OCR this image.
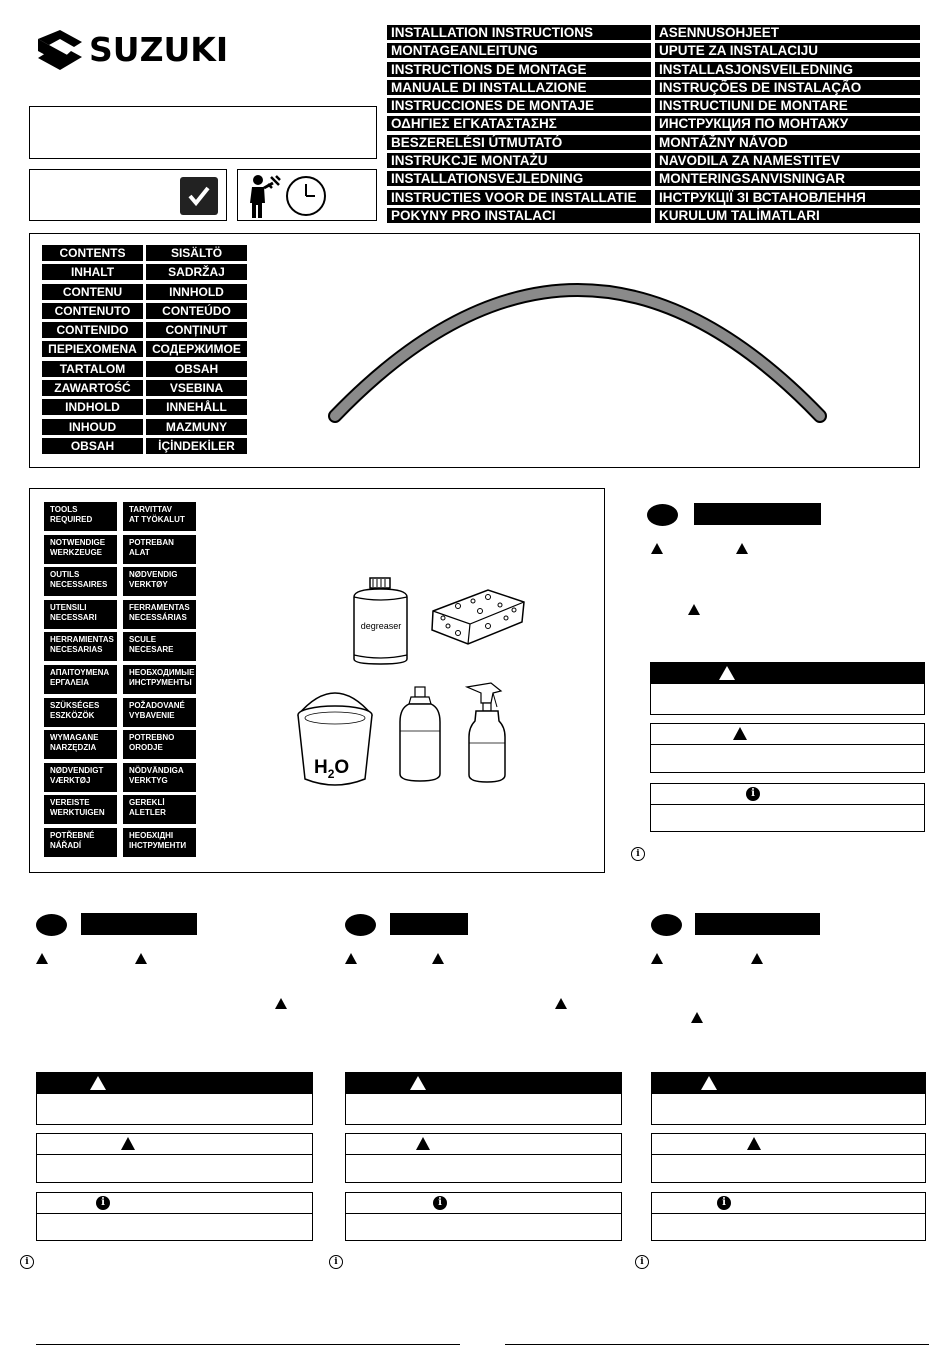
SUZUKI	INSTALLATION INSTRUCTIONS
MONTAGEANLEITUNG
INSTRUCTIONS DE MONTAGE
MANUALE DI INSTALLAZIONE
INSTRUCCIONES DE MONTAJE
ΟΔΗΓΙΕΣ ΕΓΚΑΤΑΣΤΑΣΗΣ
BESZERELÉSI ÚTMUTATÓ
INSTRUKCJE MONTAŻU
INSTALLATIONSVEJLEDNING
INSTRUCTIES VOOR DE INSTALLATIE
POKYNY PRO INSTALACI
ASENNUSOHJEET
UPUTE ZA INSTALACIJU
INSTALLASJONSVEILEDNING
INSTRUÇÕES DE INSTALAÇÃO
INSTRUCTIUNI DE MONTARE
ИНСТРУКЦИЯ ПО МОНТАЖУ
MONTÁŽNY NÁVOD
NAVODILA ZA NAMESTITEV
MONTERINGSANVISNINGAR
ІНСТРУКЦІЇ ЗІ ВСТАНОВЛЕННЯ
KURULUM TALİMATLARI
CONTENTS
INHALT
CONTENU
CONTENUTO
CONTENIDO
ΠΕΡΙΕΧΟΜΕΝΑ
TARTALOM
ZAWARTOŚĆ
INDHOLD
INHOUD
OBSAH
SISÄLTÖ
SADRŽAJ
INNHOLD
CONTEÚDO
CONȚINUT
СОДЕРЖИМОЕ
OBSAH
VSEBINA
INNEHÅLL
MAZMUNY
İÇİNDEKİLER
TOOLS
REQUIRED
NOTWENDIGE
WERKZEUGE
OUTILS
NECESSAIRES
UTENSILI
NECESSARI
HERRAMIENTAS
NECESARIAS
ΑΠΑΙΤΟΥΜΕΝΑ
ΕΡΓΑΛΕΙΑ
SZÜKSÉGES
ESZKÖZÖK
WYMAGANE
NARZĘDZIA
NØDVENDIGT
VÆRKTØJ
VEREISTE
WERKTUIGEN
POTŘEBNÉ
NÁŘADÍ
TARVITTAV
AT TYÖKALUT
POTREBAN
ALAT
NØDVENDIG
VERKTØY
FERRAMENTAS
NECESSÁRIAS
SCULE
NECESARE
НЕОБХОДИМЫЕ
ИНСТРУМЕНТЫ
POŽADOVANÉ
VYBAVENIE
POTREBNO
ORODJE
NÖDVÄNDIGA
VERKTYG
GEREKLİ
ALETLER
НЕОБХІДНІ
ІНСТРУМЕНТИ
degreaser
$H_2O$
i
i
i
i
i
i
i
i
